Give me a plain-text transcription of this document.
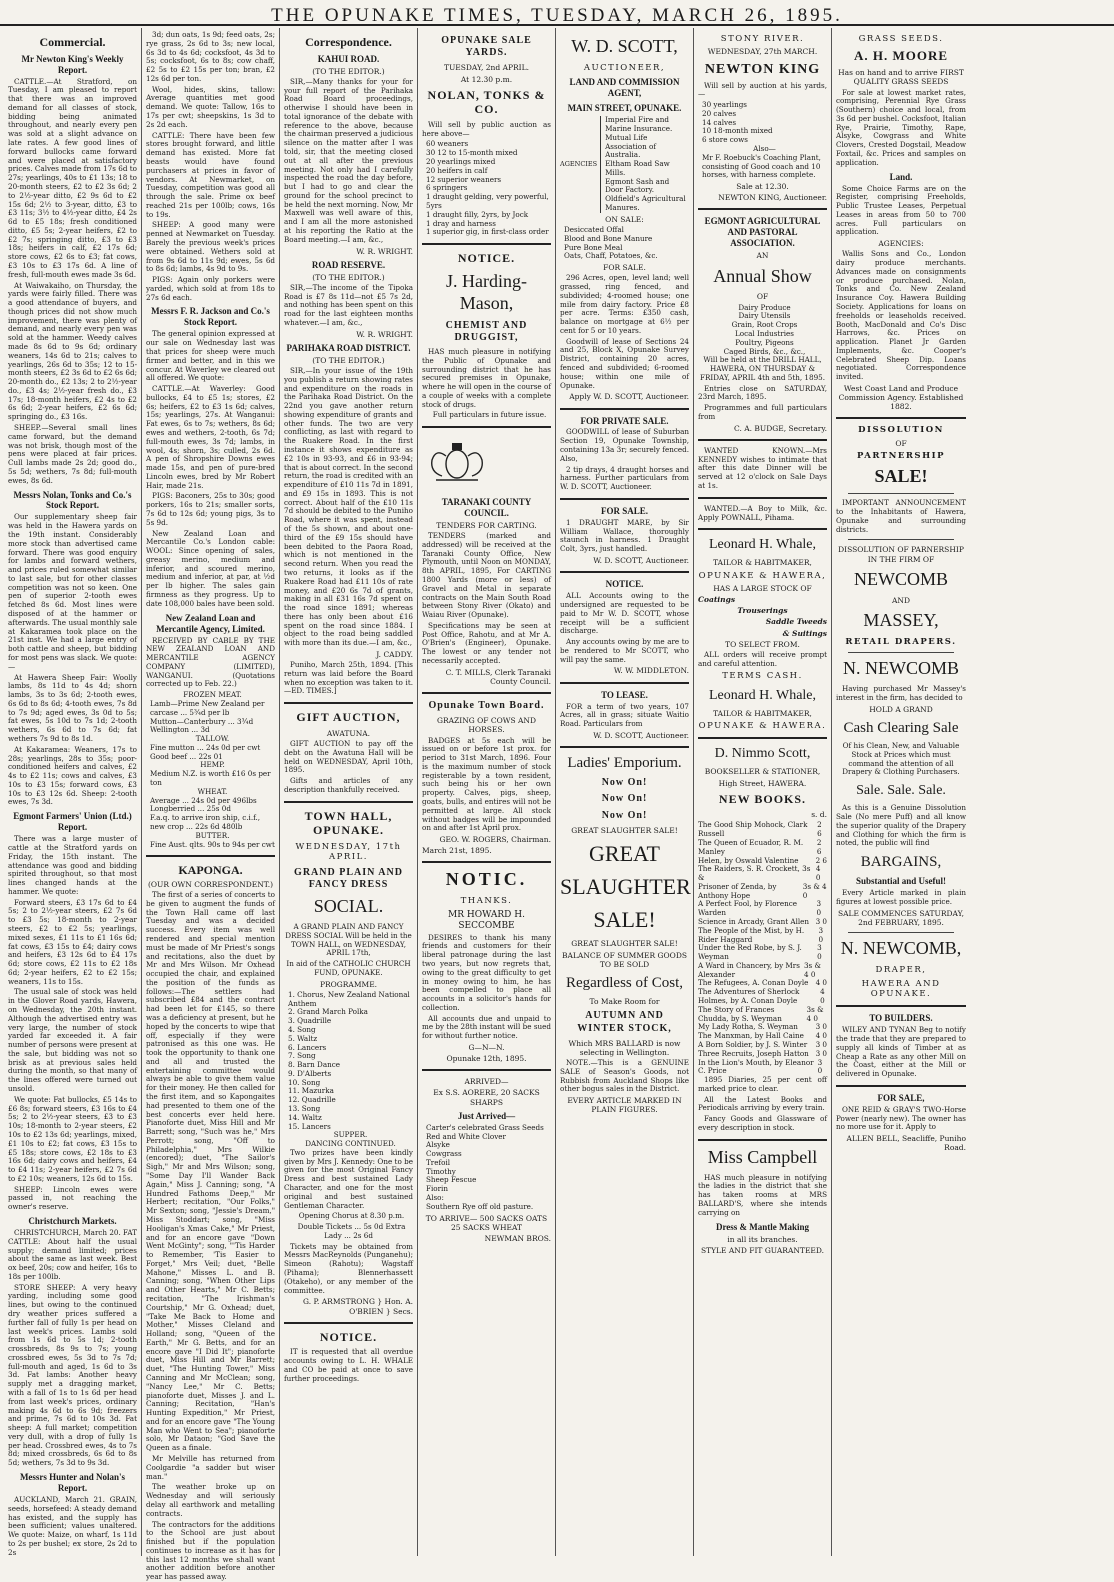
THE OPUNAKE TIMES, TUESDAY, MARCH 26, 1895.
Commercial.
Mr Newton King's Weekly Report.

CATTLE.—At Stratford, on Tuesday, I am pleased to report that there was an improved demand for all classes of stock, bidding being animated throughout, and nearly every pen was sold at a slight advance on late rates. A few good lines of forward bullocks came forward and were placed at satisfactory prices. Calves made from 17s 6d to 27s; yearlings, 40s to £1 13s; 18 to 20-month steers, £2 to £2 3s 6d; 2 to 2½-year ditto, £2 9s 6d to £2 15s 6d; 2½ to 3-year, ditto, £3 to £3 11s; 3½ to 4½-year ditto, £4 2s 6d to £5 18s; fresh conditioned ditto, £5 5s; 2-year heifers, £2 to £2 7s; springing ditto, £3 to £3 18s; heifers in calf, £2 17s 6d; store cows, £2 6s to £3; fat cows, £3 10s to £3 17s 6d. A line of fresh, full-mouth ewes made 3s 6d.

At Waiwakaiho, on Thursday, the yards were fairly filled. There was a good attendance of buyers, and though prices did not show much improvement, there was plenty of demand, and nearly every pen was sold at the hammer. Weedy calves made 8s 6d to 9s 6d; ordinary weaners, 14s 6d to 21s; calves to yearlings, 26s 6d to 35s; 12 to 15-month steers, £2 3s 6d to £2 6s 6d; 20-month do., £2 13s; 2 to 2½-year do., £3 4s; 2½-year fresh do., £3 17s; 18-month heifers, £2 4s to £2 6s 6d; 2-year heifers, £2 6s 6d; springing do., £3 16s.

SHEEP.—Several small lines came forward, but the demand was not brisk, though most of the pens were placed at fair prices. Cull lambs made 2s 2d; good do., 5s 5d; wethers, 7s 8d; full-mouth ewes, 8s 6d.

Messrs Nolan, Tonks and Co.'s Stock Report.

Our supplementary sheep fair was held in the Hawera yards on the 19th instant. Considerably more stock than advertised came forward. There was good enquiry for lambs and forward wethers, and prices ruled somewhat similar to last sale, but for other classes competition was not so keen. One pen of superior 2-tooth ewes fetched 8s 6d. Most lines were disposed of at the hammer or afterwards. The usual monthly sale at Kakaramea took place on the 21st inst. We had a large entry of both cattle and sheep, but bidding for most pens was slack. We quote:—

At Hawera Sheep Fair: Woolly lambs, 8s 11d to 4s 4d; shorn lambs, 3s to 3s 6d; 2-tooth ewes, 6s 6d to 8s 6d; 4-tooth ewes, 7s 8d to 7s 9d; aged ewes, 3s 0d to 5s; fat ewes, 5s 10d to 7s 1d; 2-tooth wethers, 6s 6d to 7s 6d; fat wethers 7s 9d to 8s 1d.

At Kakaramea: Weaners, 17s to 28s; yearlings, 28s to 35s; poor-conditioned heifers and calves, £2 4s to £2 11s; cows and calves, £3 10s to £3 15s; forward cows, £3 10s to £3 12s 6d. Sheep: 2-tooth ewes, 7s 3d.

Egmont Farmers' Union (Ltd.) Report.

There was a large muster of cattle at the Stratford yards on Friday, the 15th instant. The attendance was good and bidding spirited throughout, so that most lines changed hands at the hammer. We quote:

Forward steers, £3 17s 6d to £4 5s; 2 to 2½-year steers, £2 7s 6d to £3 5s; 18-month to 2-year steers, £2 to £2 5s; yearlings, mixed sexes, £1 11s to £1 16s 6d; fat cows, £3 15s to £4; dairy cows and heifers, £3 12s 6d to £4 17s 6d; store cows, £2 11s to £2 18s 6d; 2-year heifers, £2 to £2 15s; weaners, 11s to 15s.

The usual sale of stock was held in the Glover Road yards, Hawera, on Wednesday, the 20th instant. Although the advertised entry was very large, the number of stock yarded far exceeded it. A fair number of persons were present at the sale, but bidding was not so brisk as at previous sales held during the month, so that many of the lines offered were turned out unsold.

We quote: Fat bullocks, £5 14s to £6 8s; forward steers, £3 16s to £4 5s; 2 to 2½-year steers, £3 to £3 10s; 18-month to 2-year steers, £2 10s to £2 13s 6d; yearlings, mixed, £1 10s to £2; fat cows, £3 15s to £5 18s; store cows, £2 18s to £3 16s 6d; dairy cows and heifers, £4 to £4 11s; 2-year heifers, £2 7s 6d to £2 10s; weaners, 12s 6d to 15s.

SHEEP: Lincoln ewes were passed in, not reaching the owner's reserve.

Christchurch Markets.

CHRISTCHURCH, March 20. FAT CATTLE: About half the usual supply; demand limited; prices about the same as last week. Best ox beef, 20s; cow and heifer, 16s to 18s per 100lb.

STORE SHEEP: A very heavy yarding, including some good lines, but owing to the continued dry weather prices suffered a further fall of fully 1s per head on last week's prices. Lambs sold from 1s 6d to 5s 1d; 2-tooth crossbreds, 8s 9s to 7s; young crossbred ewes, 5s 3d to 7s 7d; full-mouth and aged, 1s 6d to 3s 3d. Fat lambs: Another heavy supply met a dragging market, with a fall of 1s to 1s 6d per head from last week's prices, ordinary making 4s 6d to 6s 9d; freezers and prime, 7s 6d to 10s 3d. Fat sheep: A full market; competition very dull, with a drop of fully 1s per head. Crossbred ewes, 4s to 7s 8d; mixed crossbreds, 6s 6d to 8s 5d; wethers, 7s 3d to 9s 3d.

Messrs Hunter and Nolan's Report.

AUCKLAND, March 21. GRAIN, seeds, horsefeed: A steady demand has existed, and the supply has been sufficient; values unaltered. We quote: Maize, on wharf, 1s 11d to 2s per bushel; ex store, 2s 2d to 2s

3d; dun oats, 1s 9d; feed oats, 2s; rye grass, 2s 6d to 3s; new local, 6s 3d to 4s 6d; cocksfoot, 4s 3d to 5s; cocksfoot, 6s to 8s; cow chaff, £2 5s to £2 15s per ton; bran, £2 12s 6d per ton.

Wool, hides, skins, tallow: Average quantities met good demand. We quote: Tallow, 16s to 17s per cwt; sheepskins, 1s 3d to 2s 2d each.

CATTLE: There have been few stores brought forward, and little demand has existed. More fat beasts would have found purchasers at prices in favor of vendors. At Newmarket, on Tuesday, competition was good all through the sale. Prime ox beef reached 21s per 100lb; cows, 16s to 19s.

SHEEP: A good many were penned at Newmarket on Tuesday. Barely the previous week's prices were obtained. Wethers sold at from 9s 6d to 11s 9d; ewes, 5s 6d to 8s 6d; lambs, 4s 9d to 9s.

PIGS: Again only porkers were yarded, which sold at from 18s to 27s 6d each.

Messrs F. R. Jackson and Co.'s Stock Report.

The general opinion expressed at our sale on Wednesday last was that prices for sheep were much firmer and better, and in this we concur. At Waverley we cleared out all offered. We quote:

CATTLE.—At Waverley: Good bullocks, £4 to £5 1s; stores, £2 6s; heifers, £2 to £3 1s 6d; calves, 15s; yearlings, 27s. At Wanganui: Fat ewes, 6s to 7s; wethers, 8s 6d; ewes and wethers, 2-tooth, 6s 7d; full-mouth ewes, 3s 7d; lambs, in wool, 4s; shorn, 3s; culled, 2s 6d. A pen of Shropshire Downs ewes made 15s, and pen of pure-bred Lincoln ewes, bred by Mr Robert Hair, made 21s.

PIGS: Baconers, 25s to 30s; good porkers, 16s to 21s; smaller sorts, 7s 6d to 12s 6d; young pigs, 3s to 5s 9d.

New Zealand Loan and Mercantile Co.'s London cable: WOOL: Since opening of sales, greasy merino, medium and inferior, and scoured merino, medium and inferior, at par, at ½d per lb higher. The sales gain firmness as they progress. Up to date 108,000 bales have been sold.

New Zealand Loan and Mercantile Agency, Limited.

RECEIVED BY CABLE BY THE NEW ZEALAND LOAN AND MERCANTILE AGENCY COMPANY (LIMITED), WANGANUI. (Quotations corrected up to Feb. 22.)

FROZEN MEAT.
Lamb—Prime New Zealand per carcase ... 5¾d per lb
Mutton—Canterbury ... 3¾d
Wellington ... 3d
TALLOW.
Fine mutton ... 24s 0d per cwt
Good beef ... 22s 01
HEMP.
Medium N.Z. is worth £16 0s per ton
WHEAT.
Average ... 24s 0d per 496lbs
Longberried ... 25s 0d
F.a.q. to arrive iron ship, c.i.f., new crop ... 22s 6d 480lb
BUTTER.
Fine Aust. qlts. 90s to 94s per cwt
KAPONGA.
(OUR OWN CORRESPONDENT.)

The first of a series of concerts to be given to augment the funds of the Town Hall came off last Tuesday and was a decided success. Every item was well rendered and special mention must be made of Mr Priest's songs and recitations, also the duet by Mr and Mrs Wilson. Mr Oxhead occupied the chair, and explained the position of the funds as follows:—The settlers had subscribed £84 and the contract had been let for £145, so there was a deficiency at present, but he hoped by the concerts to wipe that off, especially if they were patronised as this one was. He took the opportunity to thank one and all and trusted the entertaining committee would always be able to give them value for their money. He then called for the first item, and so Kapongaites had presented to them one of the best concerts ever held here. Pianoforte duet, Miss Hill and Mr Barrett; song, "Such was he," Mrs Perrott; song, "Off to Philadelphia," Mrs Wilkie (encored); duet, "The Sailor's Sigh," Mr and Mrs Wilson; song, "Some Day I'll Wander Back Again," Miss J. Canning; song, "A Hundred Fathoms Deep," Mr Herbert; recitation, "Our Folks," Mr Sexton; song, "Jessie's Dream," Miss Stoddart; song, "Miss Hooligan's Xmas Cake," Mr Priest, and for an encore gave "Down Went McGinty"; song, "'Tis Harder to Remember, 'Tis Easier to Forget," Mrs Veil; duet, "Belle Mahone," Misses L. and B. Canning; song, "When Other Lips and Other Hearts," Mr C. Betts; recitation, "The Irishman's Courtship," Mr G. Oxhead; duet, "Take Me Back to Home and Mother," Misses Cleland and Holland; song, "Queen of the Earth," Mr G. Betts, and for an encore gave "I Did It"; pianoforte duet, Miss Hill and Mr Barrett; duet, "The Hunting Tower," Miss Canning and Mr McClean; song, "Nancy Lee," Mr C. Betts; pianoforte duet, Misses J. and L. Canning; Recitation, "Han's Hunting Expedition," Mr Priest, and for an encore gave "The Young Man who Went to Sea"; pianoforte solo, Mr Dataon; "God Save the Queen as a finale.

Mr Melville has returned from Coolgardie "a sadder but wiser man."

The weather broke up on Wednesday and will seriously delay all earthwork and metalling contracts.

The contractors for the additions to the School are just about finished but if the population continues to increase as it has for this last 12 months we shall want another addition before another year has passed away.

Correspondence.
KAHUI ROAD.
(TO THE EDITOR.)

SIR,—Many thanks for your for your full report of the Parihaka Road Board proceedings, otherwise I should have been in total ignorance of the debate with reference to the above, because the chairman preserved a judicious silence on the matter after I was told, sir, that the meeting closed out at all after the previous meeting. Not only had I carefully inspected the road the day before, but I had to go and clear the ground for the school precinct to be held the next morning. Now, Mr Maxwell was well aware of this, and I am all the more astonished at his reporting the Ratio at the Board meeting.—I am, &c.,

W. R. WRIGHT.
ROAD RESERVE.
(TO THE EDITOR.)

SIR,—The income of the Tipoka Road is £7 8s 11d—not £5 7s 2d, and nothing has been spent on this road for the last eighteen months whatever.—I am, &c.,

W. R. WRIGHT.
PARIHAKA ROAD DISTRICT.
(TO THE EDITOR.)

SIR,—In your issue of the 19th you publish a return showing rates and expenditure on the roads in the Parihaka Road District. On the 22nd you gave another return showing expenditure of grants and other funds. The two are very conflicting, as last with regard to the Ruakere Road. In the first instance it shows expenditure as £2 10s in 93-93, and £6 in 93-94; that is about correct. In the second return, the road is credited with an expenditure of £10 11s 7d in 1891, and £9 15s in 1893. This is not correct. About half of the £10 11s 7d should be debited to the Puniho Road, where it was spent, instead of the 5s shown, and about one-third of the £9 15s should have been debited to the Paora Road, which is not mentioned in the second return. When you read the two returns, it looks as if the Ruakere Road had £11 10s of rate money, and £20 6s 7d of grants, making in all £31 16s 7d spent on the road since 1891; whereas there has only been about £16 spent on the road since 1884. I object to the road being saddled with more than its due.—I am, &c.,

J. CADDY.

Puniho, March 25th, 1894. [This return was laid before the Board when no exception was taken to it.—ED. TIMES.]

GIFT AUCTION,
AWATUNA.

GIFT AUCTION to pay off the debt on the Awatuna Hall will be held on WEDNESDAY, April 10th, 1895.

Gifts and articles of any description thankfully received.

TOWN HALL, OPUNAKE.
WEDNESDAY, 17th APRIL.
GRAND PLAIN AND FANCY DRESS
SOCIAL.

A GRAND PLAIN AND FANCY DRESS SOCIAL Will be held in the TOWN HALL, on WEDNESDAY, APRIL 17th,

In aid of the CATHOLIC CHURCH FUND, OPUNAKE.

PROGRAMME.
1. Chorus, New Zealand National Anthem
2. Grand March Polka
3. Quadrille
4. Song
5. Waltz
6. Lancers
7. Song
8. Barn Dance
9. D'Alberts
10. Song
11. Mazurka
12. Quadrille
13. Song
14. Waltz
15. Lancers
SUPPER.
DANCING CONTINUED.

Two prizes have been kindly given by Mrs J. Kennedy: One to be given for the most Original Fancy Dress and best sustained Lady Character, and one for the most original and best sustained Gentleman Character.

Opening Chorus at 8.30 p.m.

Double Tickets ... 5s 0d Extra Lady ... 2s 6d

Tickets may be obtained from Messrs MacReynolds (Punganehu); Simeon (Rahotu); Wagstaff (Pihama); Blennerhassett (Otakeho), or any member of the committee.

G. P. ARMSTRONG } Hon. A. O'BRIEN } Secs.
NOTICE.

IT is requested that all overdue accounts owing to L. H. WHALE and CO be paid at once to save further proceedings.

OPUNAKE SALE YARDS.
TUESDAY, 2nd APRIL.
At 12.30 p.m.
NOLAN, TONKS & CO.

Will sell by public auction as here above—

60 weaners
30 12 to 15-month mixed
20 yearlings mixed
20 heifers in calf
12 superior weaners
6 springers
1 draught gelding, very powerful, 5yrs
1 draught filly, 2yrs, by Jock
1 dray and harness
1 superior gig, in first-class order
NOTICE.
J. Harding-Mason,
CHEMIST AND DRUGGIST,

HAS much pleasure in notifying the Public of Opunake and surrounding district that he has secured premises in Opunake, where he will open in the course of a couple of weeks with a complete stock of drugs.

Full particulars in future issue.

TARANAKI COUNTY COUNCIL.
TENDERS FOR CARTING.

TENDERS (marked and addressed) will be received at the Taranaki County Office, New Plymouth, until Noon on MONDAY, 8th APRIL, 1895, For CARTING 1800 Yards (more or less) of Gravel and Metal in separate contracts on the Main South Road between Stony River (Okato) and Waiau River (Opunake).

Specifications may be seen at Post Office, Rahotu, and at Mr A. O'Brien's (Engineer), Opunake. The lowest or any tender not necessarily accepted.

C. T. MILLS, Clerk Taranaki County Council.
Opunake Town Board.
GRAZING OF COWS AND HORSES.

BADGES at 5s each will be issued on or before 1st prox. for period to 31st March, 1896. Four is the maximum number of stock registerable by a town resident, such being his or her own property. Calves, pigs, sheep, goats, bulls, and entires will not be permitted at large. All stock without badges will be impounded on and after 1st April prox.

GEO. W. ROGERS, Chairman.
March 21st, 1895.
NOTIC.
THANKS.
MR HOWARD H. SECCOMBE

DESIRES to thank his many friends and customers for their liberal patronage during the last two years, but now regrets that, owing to the great difficulty to get in money owing to him, he has been compelled to place all accounts in a solicitor's hands for collection.

All accounts due and unpaid to me by the 28th instant will be sued for without further notice.

G—N—N.
Opunake 12th, 1895.
ARRIVED—
Ex S.S. AORERE, 20 SACKS SHARPS
Just Arrived—
Carter's celebrated Grass Seeds
Red and White Clover
Alsyke
Cowgrass
Trefoil
Timothy
Sheep Fescue
Fiorin
Also:
Southern Rye off old pasture.
TO ARRIVE— 500 SACKS OATS 25 SACKS WHEAT
NEWMAN BROS.
W. D. SCOTT,
AUCTIONEER,
LAND AND COMMISSION AGENT,
MAIN STREET, OPUNAKE.
AGENCIES
Imperial Fire and Marine Insurance.
Mutual Life Association of Australia.
Eltham Road Saw Mills.
Egmont Sash and Door Factory.
Oldfield's Agricultural Manures.
ON SALE:
Desiccated Offal
Blood and Bone Manure
Pure Bone Meal
Oats, Chaff, Potatoes, &c.
FOR SALE.

296 Acres, open, level land; well grassed, ring fenced, and subdivided; 4-roomed house; one mile from dairy factory. Price £8 per acre. Terms: £350 cash, balance on mortgage at 6½ per cent for 5 or 10 years.

Goodwill of lease of Sections 24 and 25, Block X, Opunake Survey District, containing 20 acres, fenced and subdivided; 6-roomed house; within one mile of Opunake.

Apply W. D. SCOTT, Auctioneer.
FOR PRIVATE SALE.

GOODWILL of lease of Suburban Section 19, Opunake Township, containing 13a 3r; securely fenced. Also,

2 tip drays, 4 draught horses and harness. Further particulars from W. D. SCOTT, Auctioneer.

FOR SALE.

1 DRAUGHT MARE, by Sir William Wallace, thoroughly staunch in harness. 1 Draught Colt, 3yrs, just handled.

W. D. SCOTT, Auctioneer.
NOTICE.

ALL Accounts owing to the undersigned are requested to be paid to Mr W. D. SCOTT, whose receipt will be a sufficient discharge.

Any accounts owing by me are to be rendered to Mr SCOTT, who will pay the same.

W. W. MIDDLETON.
TO LEASE.

FOR a term of two years, 107 Acres, all in grass; situate Waitio Road. Particulars from

W. D. SCOTT, Auctioneer.
Ladies' Emporium.
Now On!
Now On!
Now On!
GREAT SLAUGHTER SALE!
GREAT
SLAUGHTER
SALE!
GREAT SLAUGHTER SALE!
BALANCE OF SUMMER GOODS TO BE SOLD
Regardless of Cost,
To Make Room for
AUTUMN AND WINTER STOCK,
Which MRS BALLARD is now selecting in Wellington.

NOTE.—This is a GENUINE SALE of Season's Goods, not Rubbish from Auckland Shops like other bogus sales in the District.

EVERY ARTICLE MARKED IN PLAIN FIGURES.
STONY RIVER.
WEDNESDAY, 27th MARCH.
NEWTON KING

Will sell by auction at his yards,—

30 yearlings
20 calves
14 calves
10 18-month mixed
6 store cows
Also—
Mr F. Roebuck's Coaching Plant, consisting of Good coach and 10 horses, with harness complete.
Sale at 12.30.
NEWTON KING, Auctioneer.
EGMONT AGRICULTURAL AND PASTORAL ASSOCIATION.
AN
Annual Show
OF
Dairy Produce
Dairy Utensils
Grain, Root Crops
Local Industries
Poultry, Pigeons
Caged Birds, &c., &c.,

Will be held at the DRILL HALL, HAWERA, ON THURSDAY & FRIDAY, APRIL 4th and 5th, 1895.

Entries close on SATURDAY, 23rd March, 1895.

Programmes and full particulars from

C. A. BUDGE, Secretary.

WANTED KNOWN.—Mrs KENNEDY wishes to intimate that after this date Dinner will be served at 12 o'clock on Sale Days at 1s.

WANTED.—A Boy to Milk, &c. Apply POWNALL, Pihama.

Leonard H. Whale,
TAILOR & HABITMAKER,
OPUNAKE & HAWERA,
HAS A LARGE STOCK OF
Coatings
Trouserings
Saddle Tweeds
& Suitings
TO SELECT FROM.

ALL orders will receive prompt and careful attention.

TERMS CASH.
Leonard H. Whale,
TAILOR & HABITMAKER,
OPUNAKE & HAWERA.
D. Nimmo Scott,
BOOKSELLER & STATIONER,
High Street, HAWERA.
NEW BOOKS.
s. d.
The Good Ship Mohock, Clark Russell
2 6
The Queen of Ecuador, R. M. Manley
2 6
Helen, by Oswald Valentine 2 6
The Raiders, S. R. Crockett, 3s &
4 0
Prisoner of Zenda, by Anthony Hope
3s & 4 0
A Perfect Fool, by Florence Warden
3 0
Science in Arcady, Grant Allen 3 0
The People of the Mist, by H. Rider Haggard
3 0
Under the Red Robe, by S. J. Weyman
3 0
A Ward in Chancery, by Mrs Alexander
3s & 4 0
The Refugees, A. Conan Doyle 4 0
The Adventures of Sherlock Holmes, by A. Conan Doyle
4 0
The Story of Frances Chudda, by S. Weyman
3s & 4 0
My Lady Rotha, S. Weyman 3 0
The Manxman, by Hall Caine 4 0
A Born Soldier, by J. S. Winter 3 0
Three Recruits, Joseph Hatton 3 0
In the Lion's Mouth, by Eleanor C. Price
3 0

1895 Diaries, 25 per cent off marked price to clear.

All the Latest Books and Periodicals arriving by every train.

Fancy Goods and Glassware of every description in stock.

Miss Campbell

HAS much pleasure in notifying the ladies in the district that she has taken rooms at MRS BALLARD'S, where she intends carrying on

Dress & Mantle Making
in all its branches.
STYLE AND FIT GUARANTEED.
GRASS SEEDS.
A. H. MOORE
Has on hand and to arrive FIRST QUALITY GRASS SEEDS

For sale at lowest market rates, comprising, Perennial Rye Grass (Southern) choice and local, from 3s 6d per bushel. Cocksfoot, Italian Rye, Prairie, Timothy, Rape, Alsyke, Cowgrass and White Clovers, Crested Dogstail, Meadow Foxtail, &c. Prices and samples on application.

Land.

Some Choice Farms are on the Register, comprising Freeholds, Public Trustee Leases, Perpetual Leases in areas from 50 to 700 acres. Full particulars on application.

AGENCIES:

Wallis Sons and Co., London dairy produce merchants. Advances made on consignments or produce purchased. Nolan, Tonks and Co. New Zealand Insurance Coy. Hawera Building Society. Applications for loans on freeholds or leaseholds received. Booth, MacDonald and Co's Disc Harrows, &c. Prices on application. Planet Jr Garden Implements, &c. Cooper's Celebrated Sheep Dip. Loans negotiated. Correspondence invited.

West Coast Land and Produce Commission Agency. Established 1882.
DISSOLUTION
OF
PARTNERSHIP
SALE!

IMPORTANT ANNOUNCEMENT to the Inhabitants of Hawera, Opunake and surrounding districts.

DISSOLUTION OF PARNERSHIP IN THE FIRM OF
NEWCOMB
AND
MASSEY,
RETAIL DRAPERS.
N. NEWCOMB

Having purchased Mr Massey's interest in the firm, has decided to

HOLD A GRAND
Cash Clearing Sale

Of his Clean, New, and Valuable Stock at Prices which must command the attention of all Drapery & Clothing Purchasers.

Sale. Sale. Sale.

As this is a Genuine Dissolution Sale (No mere Puff) and all know the superior quality of the Drapery and Clothing for which the firm is noted, the public will find

BARGAINS,
Substantial and Useful!

Every Article marked in plain figures at lowest possible price.

SALE COMMENCES SATURDAY, 2nd FEBRUARY, 1895.
N. NEWCOMB,
DRAPER,
HAWERA AND OPUNAKE.
TO BUILDERS.

WILEY AND TYNAN Beg to notify the trade that they are prepared to supply all kinds of Timber at as Cheap a Rate as any other Mill on the Coast, either at the Mill or delivered in Opunake.

FOR SALE,

ONE REID & GRAY'S TWO-Horse Power (nearly new). The owner has no more use for it. Apply to

ALLEN BELL, Seacliffe, Puniho Road.
